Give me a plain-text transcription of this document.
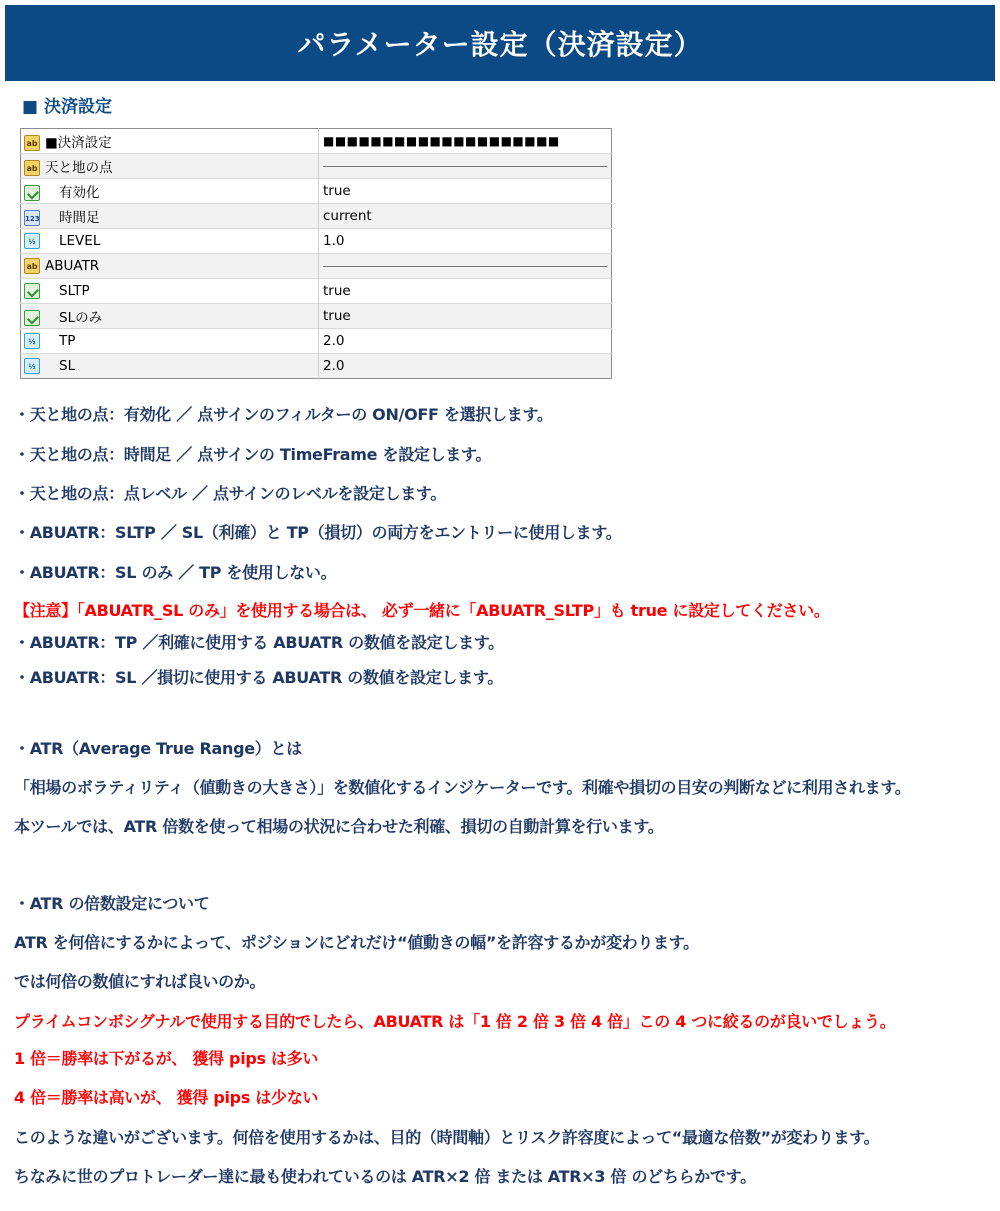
パラメーター設定（決済設定）
■ 決済設定
ab ■決済設定	■■■■■■■■■■■■■■■■■■■■
ab 天と地の点	
有効化	true
123 時間足	current
½ LEVEL	1.0
ab ABUATR	
SLTP	true
SLのみ	true
½ TP	2.0
½ SL	2.0
・天と地の点：有効化 ／ 点サインのフィルターの ON/OFF を選択します。
・天と地の点：時間足 ／ 点サインの TimeFrame を設定します。
・天と地の点：点レベル ／ 点サインのレベルを設定します。
・ABUATR：SLTP ／ SL（利確）と TP（損切）の両方をエントリーに使用します。
・ABUATR：SL のみ ／ TP を使用しない。
【注意】「ABUATR_SL のみ」を使用する場合は、 必ず一緒に「ABUATR_SLTP」も true に設定してください。
・ABUATR：TP ／利確に使用する ABUATR の数値を設定します。
・ABUATR：SL ／損切に使用する ABUATR の数値を設定します。
・ATR（Average True Range）とは
「相場のボラティリティ（値動きの大きさ）」を数値化するインジケーターです。利確や損切の目安の判断などに利用されます。
本ツールでは、ATR 倍数を使って相場の状況に合わせた利確、損切の自動計算を行います。
・ATR の倍数設定について
ATR を何倍にするかによって、ポジションにどれだけ“値動きの幅”を許容するかが変わります。
では何倍の数値にすれば良いのか。
プライムコンボシグナルで使用する目的でしたら、ABUATR は「1 倍 2 倍 3 倍 4 倍」この 4 つに絞るのが良いでしょう。
1 倍＝勝率は下がるが、 獲得 pips は多い
4 倍＝勝率は高いが、 獲得 pips は少ない
このような違いがございます。何倍を使用するかは、目的（時間軸）とリスク許容度によって“最適な倍数”が変わります。
ちなみに世のプロトレーダー達に最も使われているのは ATR×2 倍 または ATR×3 倍 のどちらかです。
